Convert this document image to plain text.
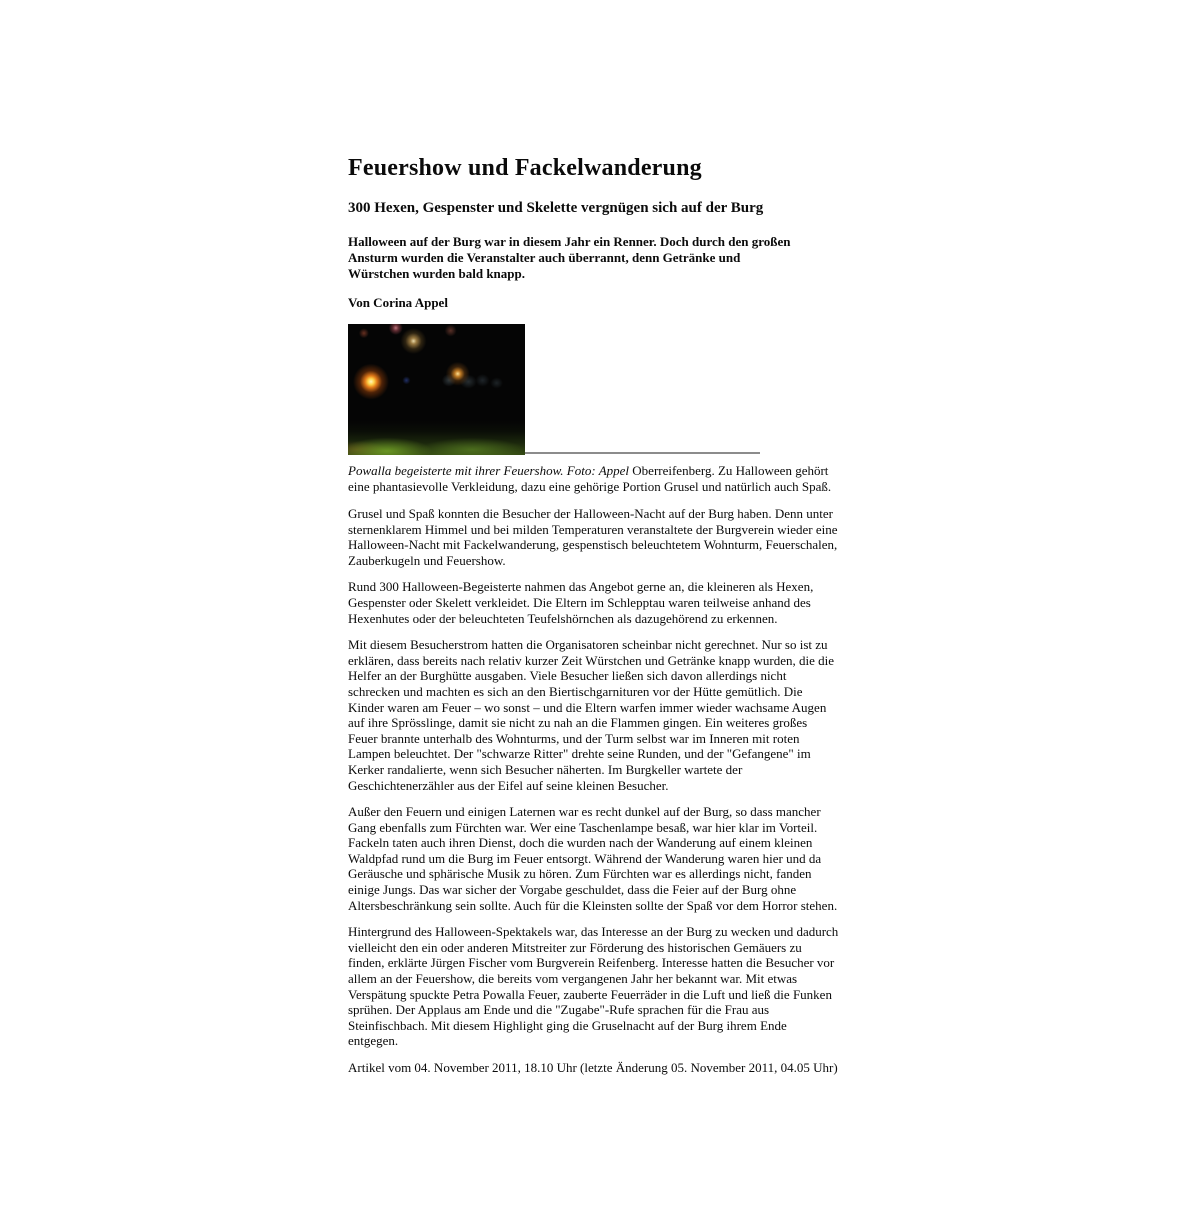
Feuershow und Fackelwanderung
300 Hexen, Gespenster und Skelette vergnügen sich auf der Burg

Halloween auf der Burg war in diesem Jahr ein Renner. Doch durch den großen Ansturm wurden die Veranstalter auch überrannt, denn Getränke und Würstchen wurden bald knapp.

Von Corina Appel

Powalla begeisterte mit ihrer Feuershow. Foto: Appel Oberreifenberg. Zu Halloween gehört eine phantasievolle Verkleidung, dazu eine gehörige Portion Grusel und natürlich auch Spaß.

Grusel und Spaß konnten die Besucher der Halloween-Nacht auf der Burg haben. Denn unter sternenklarem Himmel und bei milden Temperaturen veranstaltete der Burgverein wieder eine Halloween-Nacht mit Fackelwanderung, gespenstisch beleuchtetem Wohnturm, Feuerschalen, Zauberkugeln und Feuershow.

Rund 300 Halloween-Begeisterte nahmen das Angebot gerne an, die kleineren als Hexen, Gespenster oder Skelett verkleidet. Die Eltern im Schlepptau waren teilweise anhand des Hexenhutes oder der beleuchteten Teufelshörnchen als dazugehörend zu erkennen.

Mit diesem Besucherstrom hatten die Organisatoren scheinbar nicht gerechnet. Nur so ist zu erklären, dass bereits nach relativ kurzer Zeit Würstchen und Getränke knapp wurden, die die Helfer an der Burghütte ausgaben. Viele Besucher ließen sich davon allerdings nicht schrecken und machten es sich an den Biertischgarnituren vor der Hütte gemütlich. Die Kinder waren am Feuer – wo sonst – und die Eltern warfen immer wieder wachsame Augen auf ihre Sprösslinge, damit sie nicht zu nah an die Flammen gingen. Ein weiteres großes Feuer brannte unterhalb des Wohnturms, und der Turm selbst war im Inneren mit roten Lampen beleuchtet. Der "schwarze Ritter" drehte seine Runden, und der "Gefangene" im Kerker randalierte, wenn sich Besucher näherten. Im Burgkeller wartete der Geschichtenerzähler aus der Eifel auf seine kleinen Besucher.

Außer den Feuern und einigen Laternen war es recht dunkel auf der Burg, so dass mancher Gang ebenfalls zum Fürchten war. Wer eine Taschenlampe besaß, war hier klar im Vorteil. Fackeln taten auch ihren Dienst, doch die wurden nach der Wanderung auf einem kleinen Waldpfad rund um die Burg im Feuer entsorgt. Während der Wanderung waren hier und da Geräusche und sphärische Musik zu hören. Zum Fürchten war es allerdings nicht, fanden einige Jungs. Das war sicher der Vorgabe geschuldet, dass die Feier auf der Burg ohne Altersbeschränkung sein sollte. Auch für die Kleinsten sollte der Spaß vor dem Horror stehen.

Hintergrund des Halloween-Spektakels war, das Interesse an der Burg zu wecken und dadurch vielleicht den ein oder anderen Mitstreiter zur Förderung des historischen Gemäuers zu finden, erklärte Jürgen Fischer vom Burgverein Reifenberg. Interesse hatten die Besucher vor allem an der Feuershow, die bereits vom vergangenen Jahr her bekannt war. Mit etwas Verspätung spuckte Petra Powalla Feuer, zauberte Feuerräder in die Luft und ließ die Funken sprühen. Der Applaus am Ende und die "Zugabe"-Rufe sprachen für die Frau aus Steinfischbach. Mit diesem Highlight ging die Gruselnacht auf der Burg ihrem Ende entgegen.

Artikel vom 04. November 2011, 18.10 Uhr (letzte Änderung 05. November 2011, 04.05 Uhr)
